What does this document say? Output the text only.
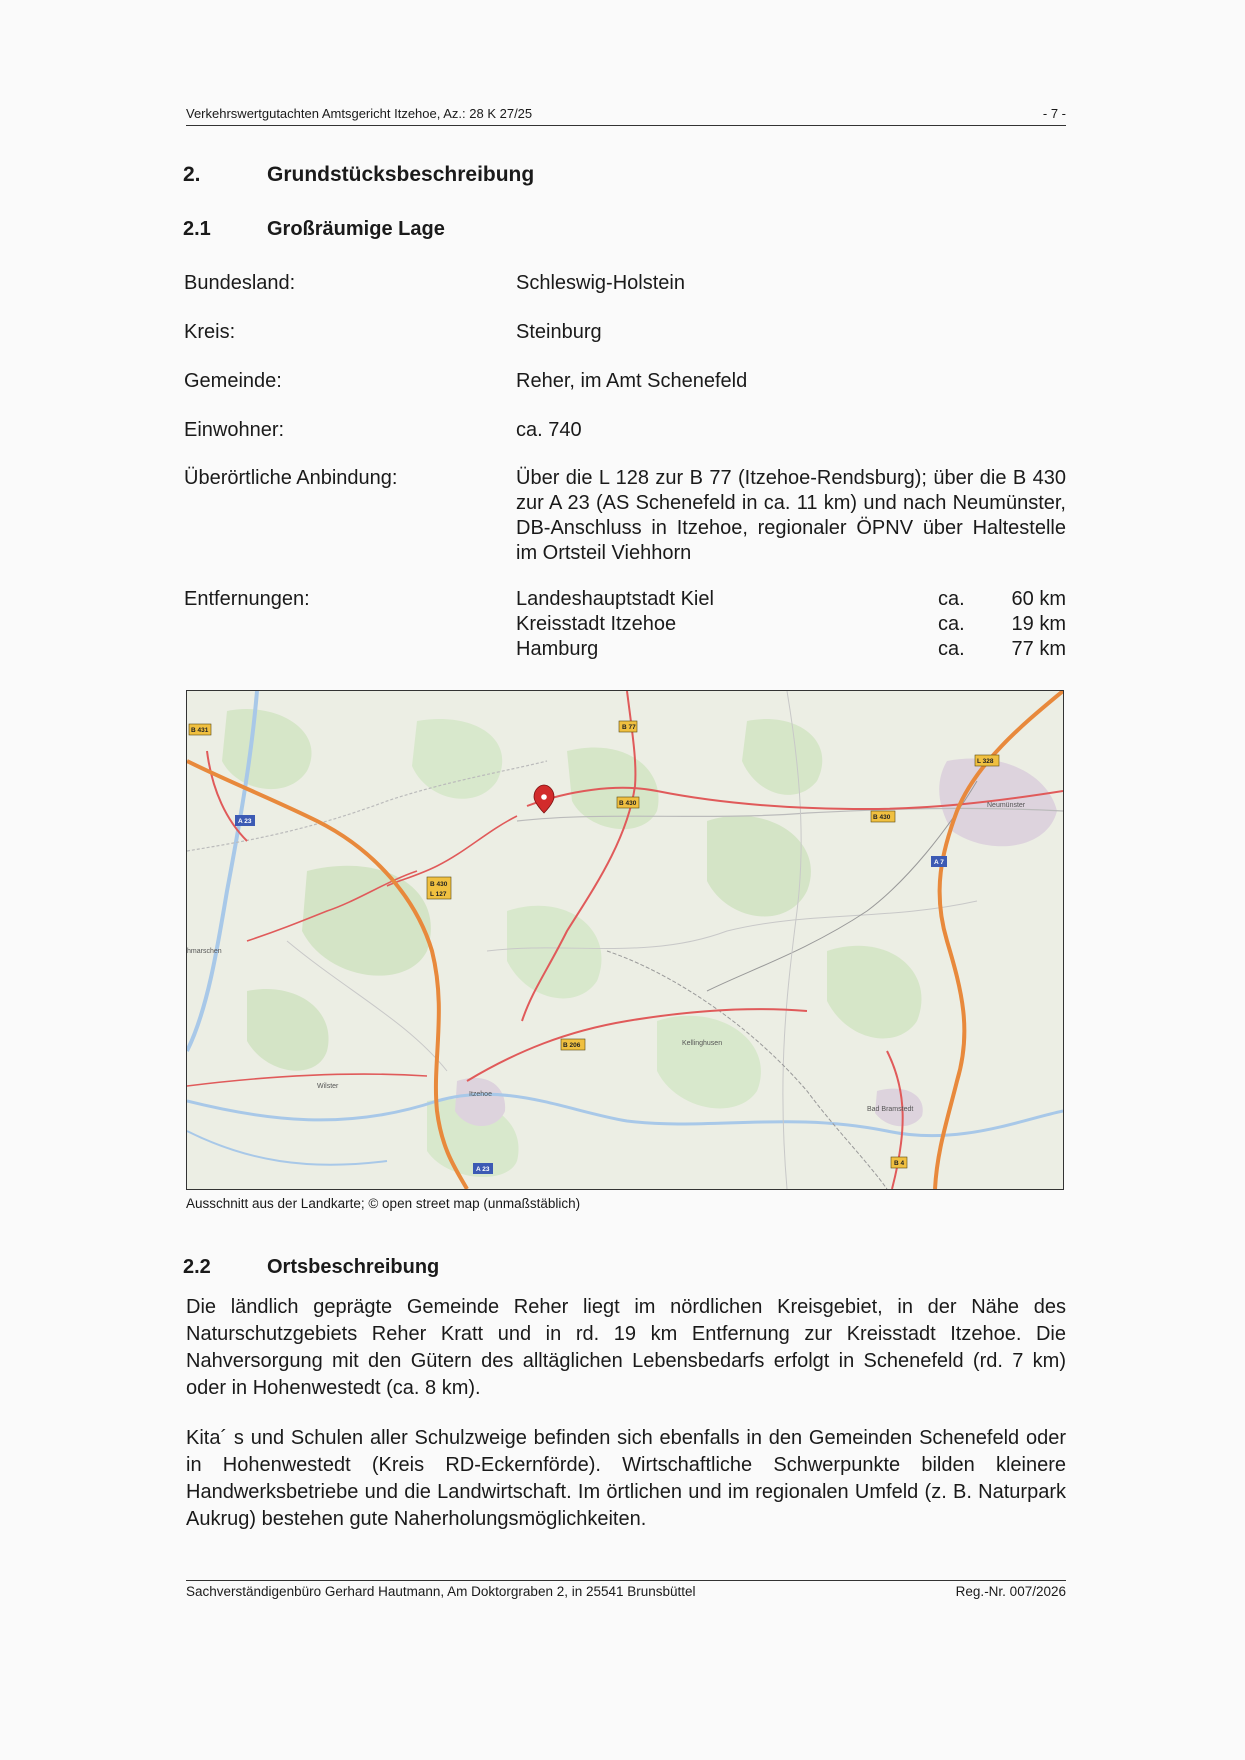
Verkehrswertgutachten Amtsgericht Itzehoe, Az.: 28 K 27/25	- 7 -
2.	Grundstücksbeschreibung
2.1	Großräumige Lage
Bundesland:	Schleswig-Holstein
Kreis:	Steinburg
Gemeinde:	Reher, im Amt Schenefeld
Einwohner:	ca. 740
Überörtliche Anbindung:	Über die L 128 zur B 77 (Itzehoe-Rendsburg); über die B 430 zur A 23 (AS Schenefeld in ca. 11 km) und nach Neumünster, DB-Anschluss in Itzehoe, regionaler ÖPNV über Haltestelle im Ortsteil Viehhorn
Entfernungen:	Landeshauptstadt Kiel	ca. 60 km
Kreisstadt Itzehoe	ca. 19 km
Hamburg	ca. 77 km
B 431	B 77
B 430
B 430
L 127
L 328
B 430
B 206
B 4
A 23
A 7
A 23
Itzehoe
Wilster
Kellinghusen
Bad Bramstedt
Neumünster
hmarschen
Ausschnitt aus der Landkarte; © open street map (unmaßstäblich)
2.2	Ortsbeschreibung

Die ländlich geprägte Gemeinde Reher liegt im nördlichen Kreisgebiet, in der Nähe des Naturschutzgebiets Reher Kratt und in rd. 19 km Entfernung zur Kreisstadt Itzehoe. Die Nahversorgung mit den Gütern des alltäglichen Lebensbedarfs erfolgt in Schenefeld (rd. 7 km) oder in Hohenwestedt (ca. 8 km).

Kita´ s und Schulen aller Schulzweige befinden sich ebenfalls in den Gemeinden Schenefeld oder in Hohenwestedt (Kreis RD-Eckernförde). Wirtschaftliche Schwerpunkte bilden kleinere Handwerksbetriebe und die Landwirtschaft. Im örtlichen und im regionalen Umfeld (z. B. Naturpark Aukrug) bestehen gute Naherholungsmöglichkeiten.

Sachverständigenbüro Gerhard Hautmann, Am Doktorgraben 2, in 25541 Brunsbüttel	Reg.-Nr. 007/2026
